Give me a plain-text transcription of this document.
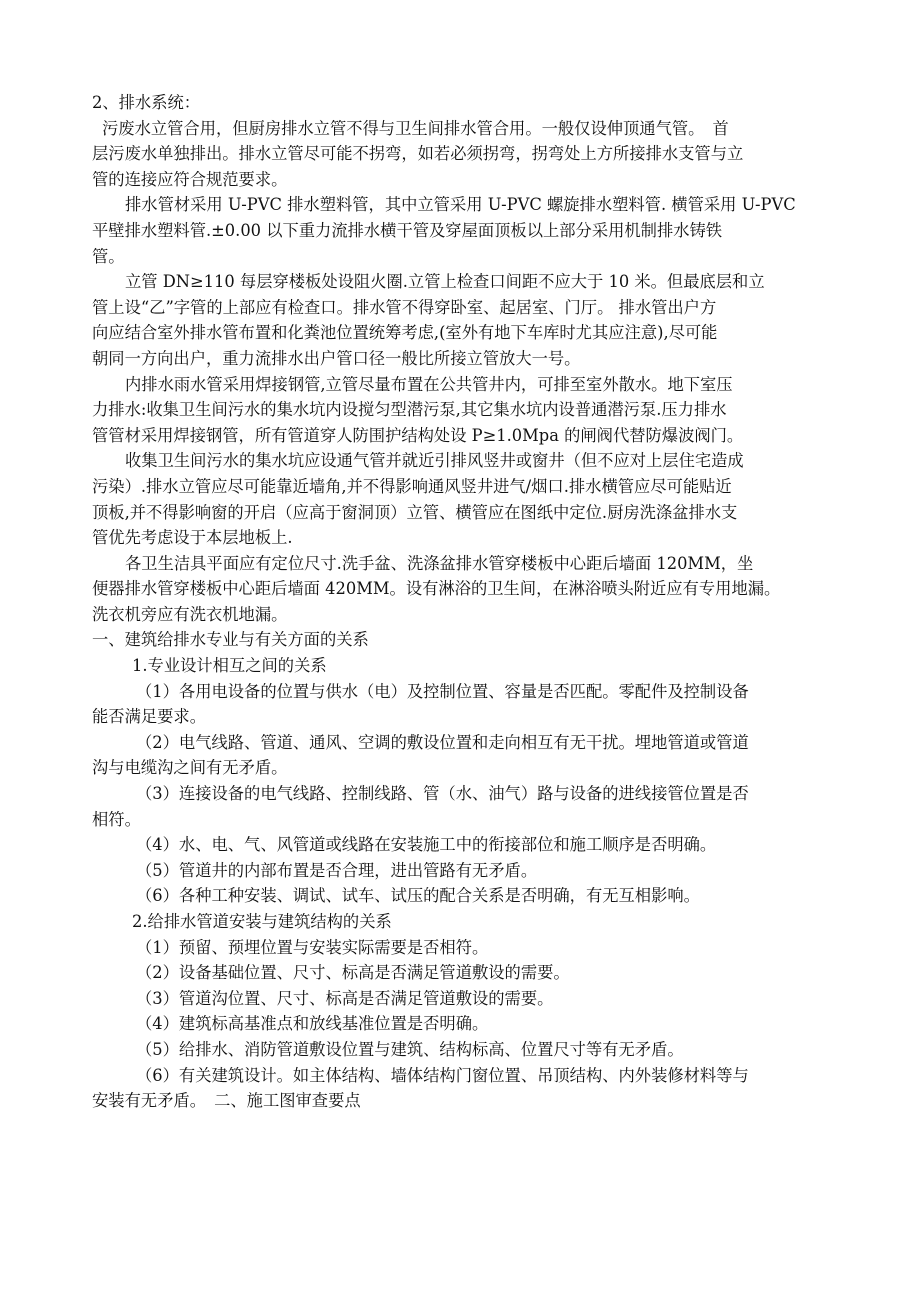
2、排水系统：

污废水立管合用，但厨房排水立管不得与卫生间排水管合用。一般仅设伸顶通气管。　首

层污废水单独排出。排水立管尽可能不拐弯，如若必须拐弯，拐弯处上方所接排水支管与立

管的连接应符合规范要求。

排水管材采用 U-PVC 排水塑料管，其中立管采用 U-PVC 螺旋排水塑料管. 横管采用 U-PVC

平壁排水塑料管.±0.00 以下重力流排水横干管及穿屋面顶板以上部分采用机制排水铸铁

管。

立管 DN≥110 每层穿楼板处设阻火圈.立管上检查口间距不应大于 10 米。但最底层和立

管上设“乙”字管的上部应有检查口。排水管不得穿卧室、起居室、门厅。 排水管出户方

向应结合室外排水管布置和化粪池位置统筹考虑,(室外有地下车库时尤其应注意),尽可能

朝同一方向出户，重力流排水出户管口径一般比所接立管放大一号。

内排水雨水管采用焊接钢管,立管尽量布置在公共管井内，可排至室外散水。地下室压

力排水:收集卫生间污水的集水坑内设搅匀型潜污泵,其它集水坑内设普通潜污泵.压力排水

管管材采用焊接钢管，所有管道穿人防围护结构处设 P≥1.0Mpa 的闸阀代替防爆波阀门。

收集卫生间污水的集水坑应设通气管并就近引排风竖井或窗井（但不应对上层住宅造成

污染）.排水立管应尽可能靠近墙角,并不得影响通风竖井进气/烟口.排水横管应尽可能贴近

顶板,并不得影响窗的开启（应高于窗洞顶）立管、横管应在图纸中定位.厨房洗涤盆排水支

管优先考虑设于本层地板上.

各卫生洁具平面应有定位尺寸.洗手盆、洗涤盆排水管穿楼板中心距后墙面 120MM，坐

便器排水管穿楼板中心距后墙面 420MM。设有淋浴的卫生间，在淋浴喷头附近应有专用地漏。

洗衣机旁应有洗衣机地漏。

一、建筑给排水专业与有关方面的关系

1.专业设计相互之间的关系

（1）各用电设备的位置与供水（电）及控制位置、容量是否匹配。零配件及控制设备

能否满足要求。

（2）电气线路、管道、通风、空调的敷设位置和走向相互有无干扰。埋地管道或管道

沟与电缆沟之间有无矛盾。

（3）连接设备的电气线路、控制线路、管（水、油气）路与设备的进线接管位置是否

相符。

（4）水、电、气、风管道或线路在安装施工中的衔接部位和施工顺序是否明确。

（5）管道井的内部布置是否合理，进出管路有无矛盾。

（6）各种工种安装、调试、试车、试压的配合关系是否明确，有无互相影响。

2.给排水管道安装与建筑结构的关系

（1）预留、预埋位置与安装实际需要是否相符。

（2）设备基础位置、尺寸、标高是否满足管道敷设的需要。

（3）管道沟位置、尺寸、标高是否满足管道敷设的需要。

（4）建筑标高基准点和放线基准位置是否明确。

（5）给排水、消防管道敷设位置与建筑、结构标高、位置尺寸等有无矛盾。

（6）有关建筑设计。如主体结构、墙体结构门窗位置、吊顶结构、内外装修材料等与

安装有无矛盾。　二、施工图审查要点
